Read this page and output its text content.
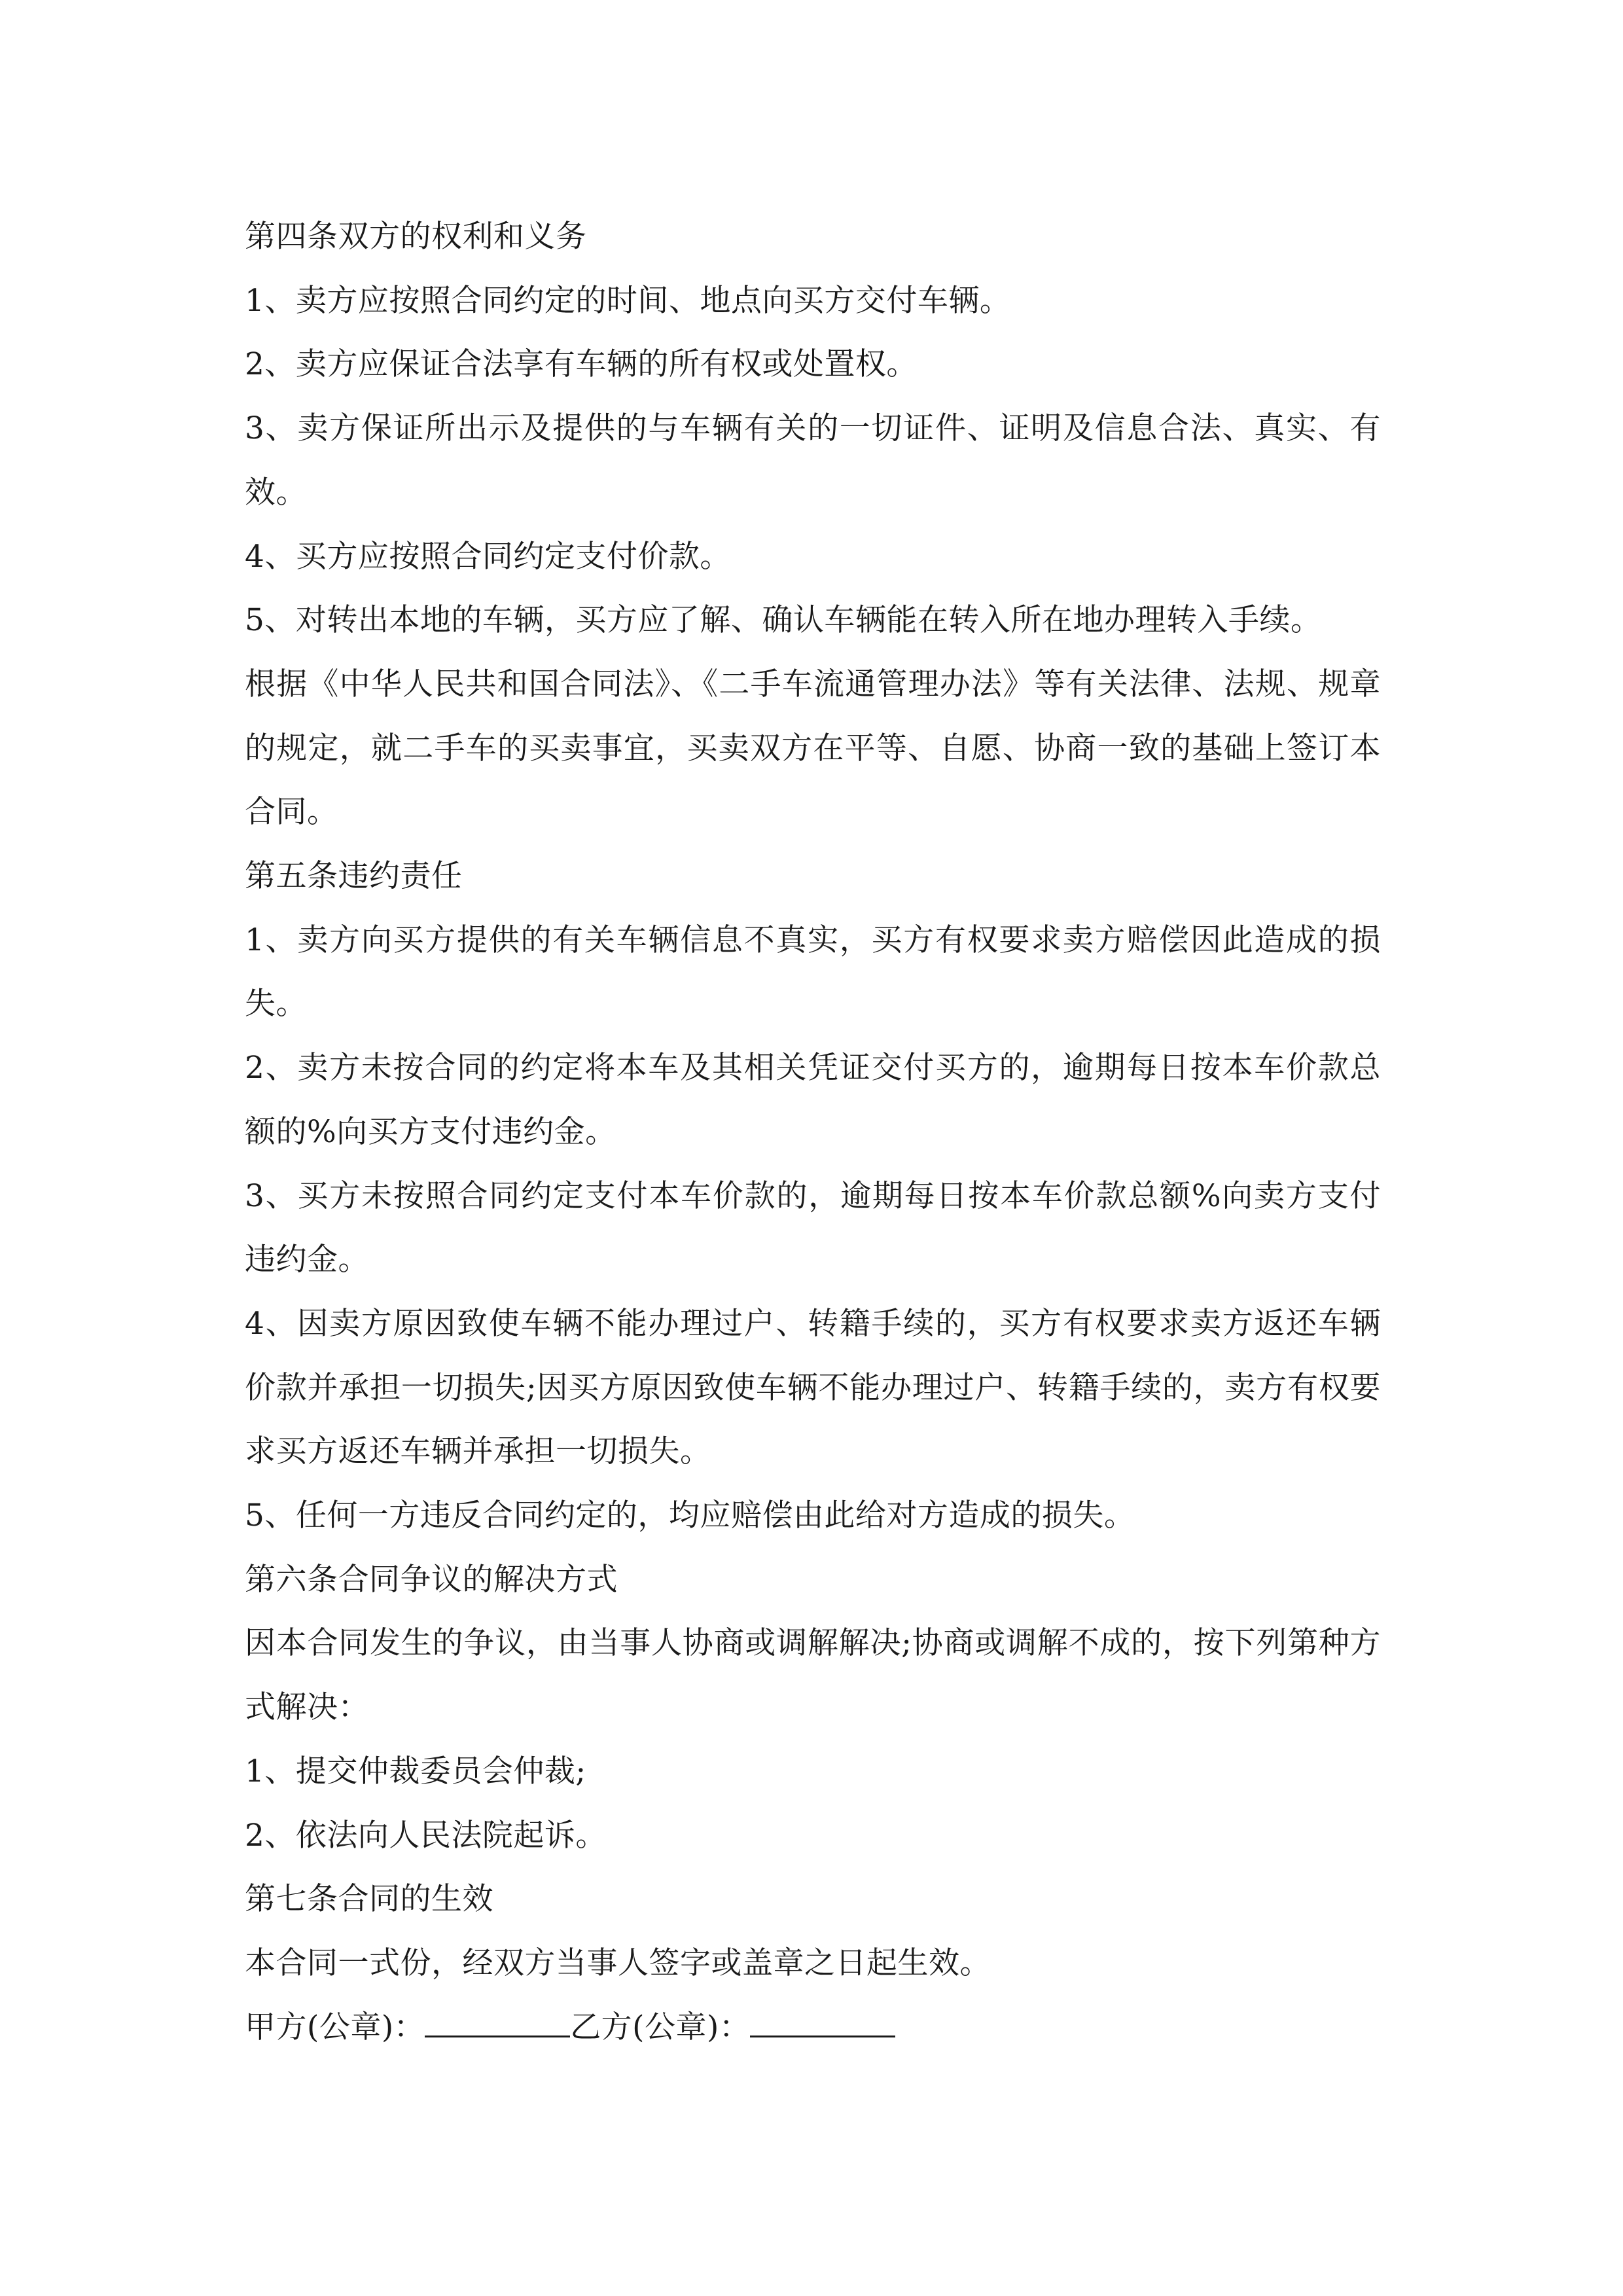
第四条双方的权利和义务

1、卖方应按照合同约定的时间、地点向买方交付车辆。

2、卖方应保证合法享有车辆的所有权或处置权。

3、卖方保证所出示及提供的与车辆有关的一切证件、证明及信息合法、真实、有效。

4、买方应按照合同约定支付价款。

5、对转出本地的车辆，买方应了解、确认车辆能在转入所在地办理转入手续。

根据《中华人民共和国合同法》、《二手车流通管理办法》等有关法律、法规、规章的规定，就二手车的买卖事宜，买卖双方在平等、自愿、协商一致的基础上签订本合同。

第五条违约责任

1、卖方向买方提供的有关车辆信息不真实，买方有权要求卖方赔偿因此造成的损失。

2、卖方未按合同的约定将本车及其相关凭证交付买方的，逾期每日按本车价款总额的%向买方支付违约金。

3、买方未按照合同约定支付本车价款的，逾期每日按本车价款总额%向卖方支付违约金。

4、因卖方原因致使车辆不能办理过户、转籍手续的，买方有权要求卖方返还车辆价款并承担一切损失;因买方原因致使车辆不能办理过户、转籍手续的，卖方有权要求买方返还车辆并承担一切损失。

5、任何一方违反合同约定的，均应赔偿由此给对方造成的损失。

第六条合同争议的解决方式

因本合同发生的争议，由当事人协商或调解解决;协商或调解不成的，按下列第种方式解决：

1、提交仲裁委员会仲裁;

2、依法向人民法院起诉。

第七条合同的生效

本合同一式份，经双方当事人签字或盖章之日起生效。

甲方(公章)：	乙方(公章)：
